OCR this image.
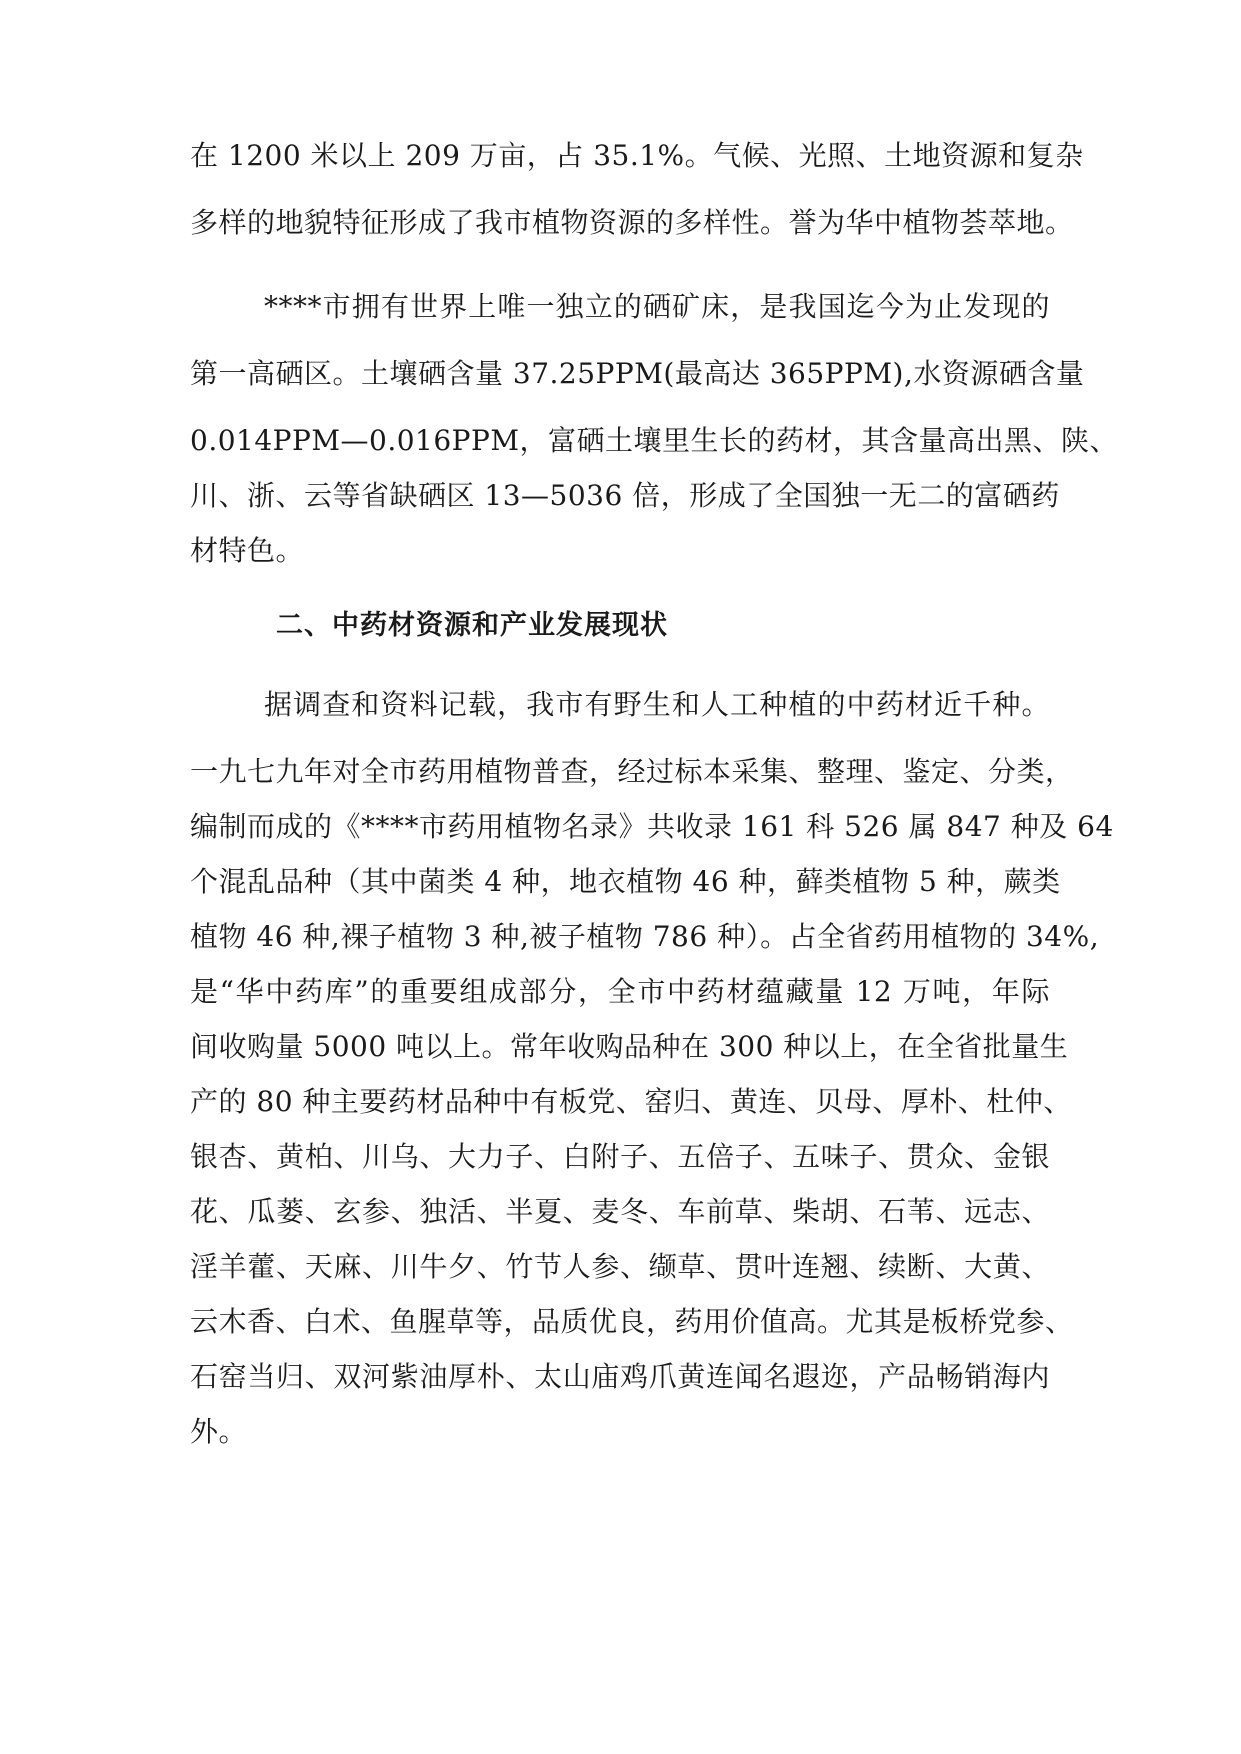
在 1200 米以上 209 万亩，占 35.1%。气候、光照、土地资源和复杂
多样的地貌特征形成了我市植物资源的多样性。誉为华中植物荟萃地。
****市拥有世界上唯一独立的硒矿床，是我国迄今为止发现的
第一高硒区。土壤硒含量 37.25PPM(最高达 365PPM),水资源硒含量
0.014PPM—0.016PPM，富硒土壤里生长的药材，其含量高出黑、陕、
川、浙、云等省缺硒区 13—5036 倍，形成了全国独一无二的富硒药
材特色。
二、中药材资源和产业发展现状
据调查和资料记载，我市有野生和人工种植的中药材近千种。
一九七九年对全市药用植物普查，经过标本采集、整理、鉴定、分类，
编制而成的《****市药用植物名录》共收录 161 科 526 属 847 种及 64
个混乱品种（其中菌类 4 种，地衣植物 46 种，藓类植物 5 种，蕨类
植物 46 种,裸子植物 3 种,被子植物 786 种）。占全省药用植物的 34%,
是“华中药库”的重要组成部分，全市中药材蕴藏量 12 万吨，年际
间收购量 5000 吨以上。常年收购品种在 300 种以上，在全省批量生
产的 80 种主要药材品种中有板党、窑归、黄连、贝母、厚朴、杜仲、
银杏、黄柏、川乌、大力子、白附子、五倍子、五味子、贯众、金银
花、瓜蒌、玄参、独活、半夏、麦冬、车前草、柴胡、石苇、远志、
淫羊藿、天麻、川牛夕、竹节人参、缬草、贯叶连翘、续断、大黄、
云木香、白术、鱼腥草等，品质优良，药用价值高。尤其是板桥党参、
石窑当归、双河紫油厚朴、太山庙鸡爪黄连闻名遐迩，产品畅销海内
外。
